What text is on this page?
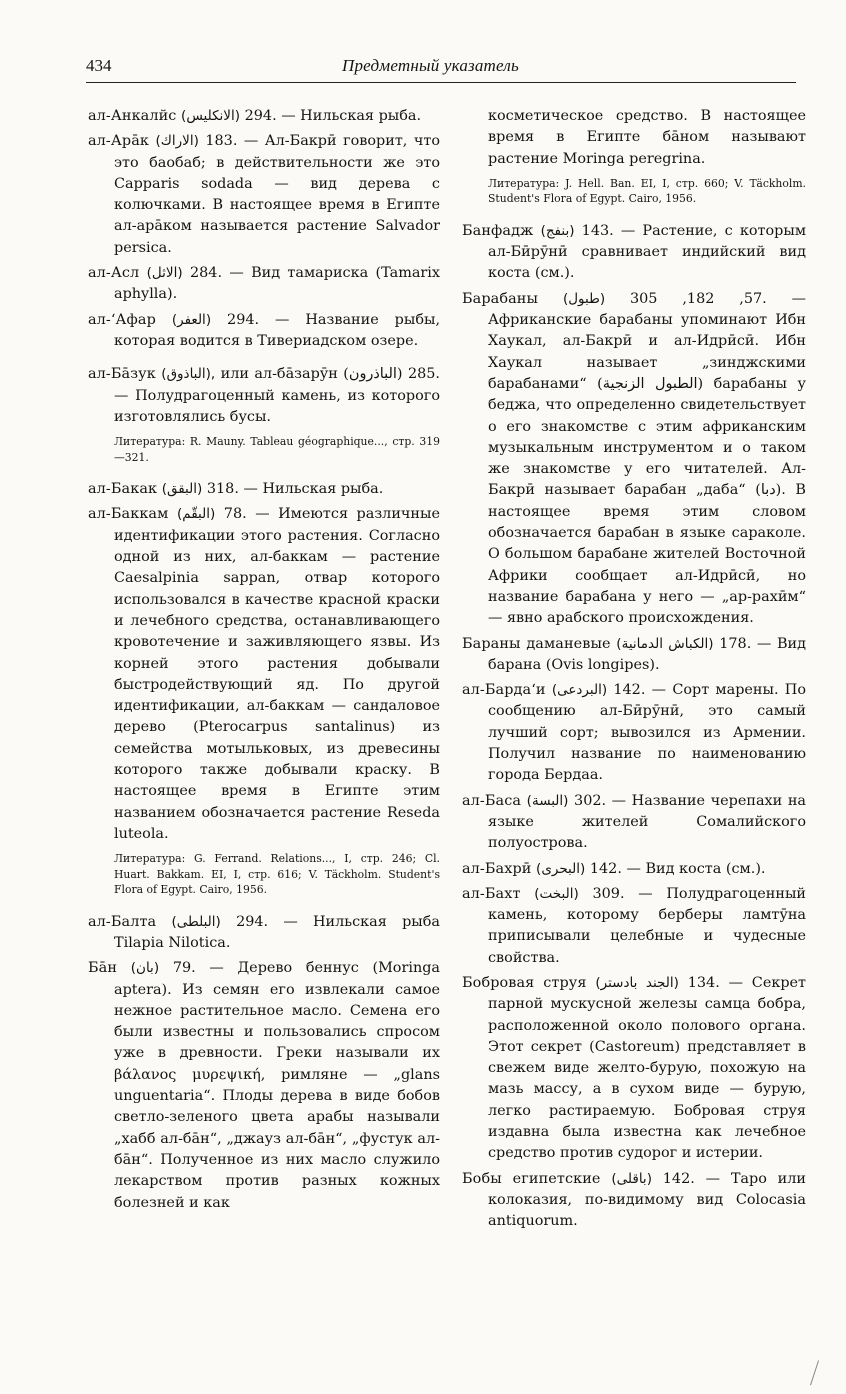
434	Предметный указатель

ал-Анкалйс (الانكليس) 294. — Нильская рыба.

ал-Арāк (الاراك) 183. — Ал-Бакрӣ говорит, что это баобаб; в действительности же это Capparis sodada — вид дерева с колючками. В настоящее время в Египте ал-арāком называется растение Salvador persica.

ал-Асл (الاثل) 284. — Вид тамариска (Tamarix aphylla).

ал-‘Афар (العفر) 294. — Название рыбы, которая водится в Тивериадском озере.

ал-Бāзук (الباذوق), или ал-бāзарӯн (الباذرون) 285. — Полудрагоценный камень, из которого изготовлялись бусы.

Литература: R. Mauny. Tableau géographique..., стр. 319—321.

ал-Бакак (البقق) 318. — Нильская рыба.

ал-Баккам (البقّم) 78. — Имеются различные идентификации этого растения. Согласно одной из них, ал-баккам — растение Caesalpinia sappan, отвар которого использовался в качестве красной краски и лечебного средства, останавливающего кровотечение и заживляющего язвы. Из корней этого растения добывали быстродействующий яд. По другой идентификации, ал-баккам — сандаловое дерево (Pterocarpus santalinus) из семейства мотыльковых, из древесины которого также добывали краску. В настоящее время в Египте этим названием обозначается растение Reseda luteola.

Литература: G. Ferrand. Relations..., I, стр. 246; Cl. Huart. Bakkam. EI, I, стр. 616; V. Täckholm. Student's Flora of Egypt. Cairo, 1956.

ал-Балта (البلطى) 294. — Нильская рыба Tilapia Nilotica.

Бāн (بان) 79. — Дерево беннус (Moringa aptera). Из семян его извлекали самое нежное растительное масло. Семена его были известны и пользовались спросом уже в древности. Греки называли их βάλανος μυρεψική, римляне — „glans unguentaria“. Плоды дерева в виде бобов светло-зеленого цвета арабы называли „хабб ал-бāн“, „джауз ал-бāн“, „фустук ал-бāн“. Полученное из них масло служило лекарством против разных кожных болезней и как

косметическое средство. В настоящее время в Египте бāном называют растение Moringa peregrina.

Литература: J. Hell. Ban. EI, I, стр. 660; V. Täckholm. Student's Flora of Egypt. Cairo, 1956.

Банфадж (بنفج) 143. — Растение, с которым ал-Бӣрӯнӣ сравнивает индийский вид коста (см.).

Барабаны (طبول) 57, 182, 305. — Африканские барабаны упоминают Ибн Хаукал, ал-Бакрӣ и ал-Идрӣсӣ. Ибн Хаукал называет „зинджскими барабанами“ (الطبول الزنجية) барабаны у беджа, что определенно свидетельствует о его знакомстве с этим африканским музыкальным инструментом и о таком же знакомстве у его читателей. Ал-Бакрӣ называет барабан „даба“ (دبا). В настоящее время этим словом обозначается барабан в языке сараколе. О большом барабане жителей Восточной Африки сообщает ал-Идрӣсӣ, но название барабана у него — „ар-рахӣм“ — явно арабского происхождения.

Бараны даманевые (الكباش الدمانية) 178. — Вид барана (Ovis longipes).

ал-Барда‘и (البردعى) 142. — Сорт марены. По сообщению ал-Бӣрӯнӣ, это самый лучший сорт; вывозился из Армении. Получил название по наименованию города Бердаа.

ал-Баса (البسة) 302. — Название черепахи на языке жителей Сомалийского полуострова.

ал-Бахрӣ (البحرى) 142. — Вид коста (см.).

ал-Бахт (البخت) 309. — Полудрагоценный камень, которому берберы ламтӯна приписывали целебные и чудесные свойства.

Бобровая струя (الجند بادستر) 134. — Секрет парной мускусной железы самца бобра, расположенной около полового органа. Этот секрет (Castoreum) представляет в свежем виде желто-бурую, похожую на мазь массу, а в сухом виде — бурую, легко растираемую. Бобровая струя издавна была известна как лечебное средство против судорог и истерии.

Бобы египетские (باقلى) 142. — Таро или колоказия, по-видимому вид Colocasia antiquorum.
